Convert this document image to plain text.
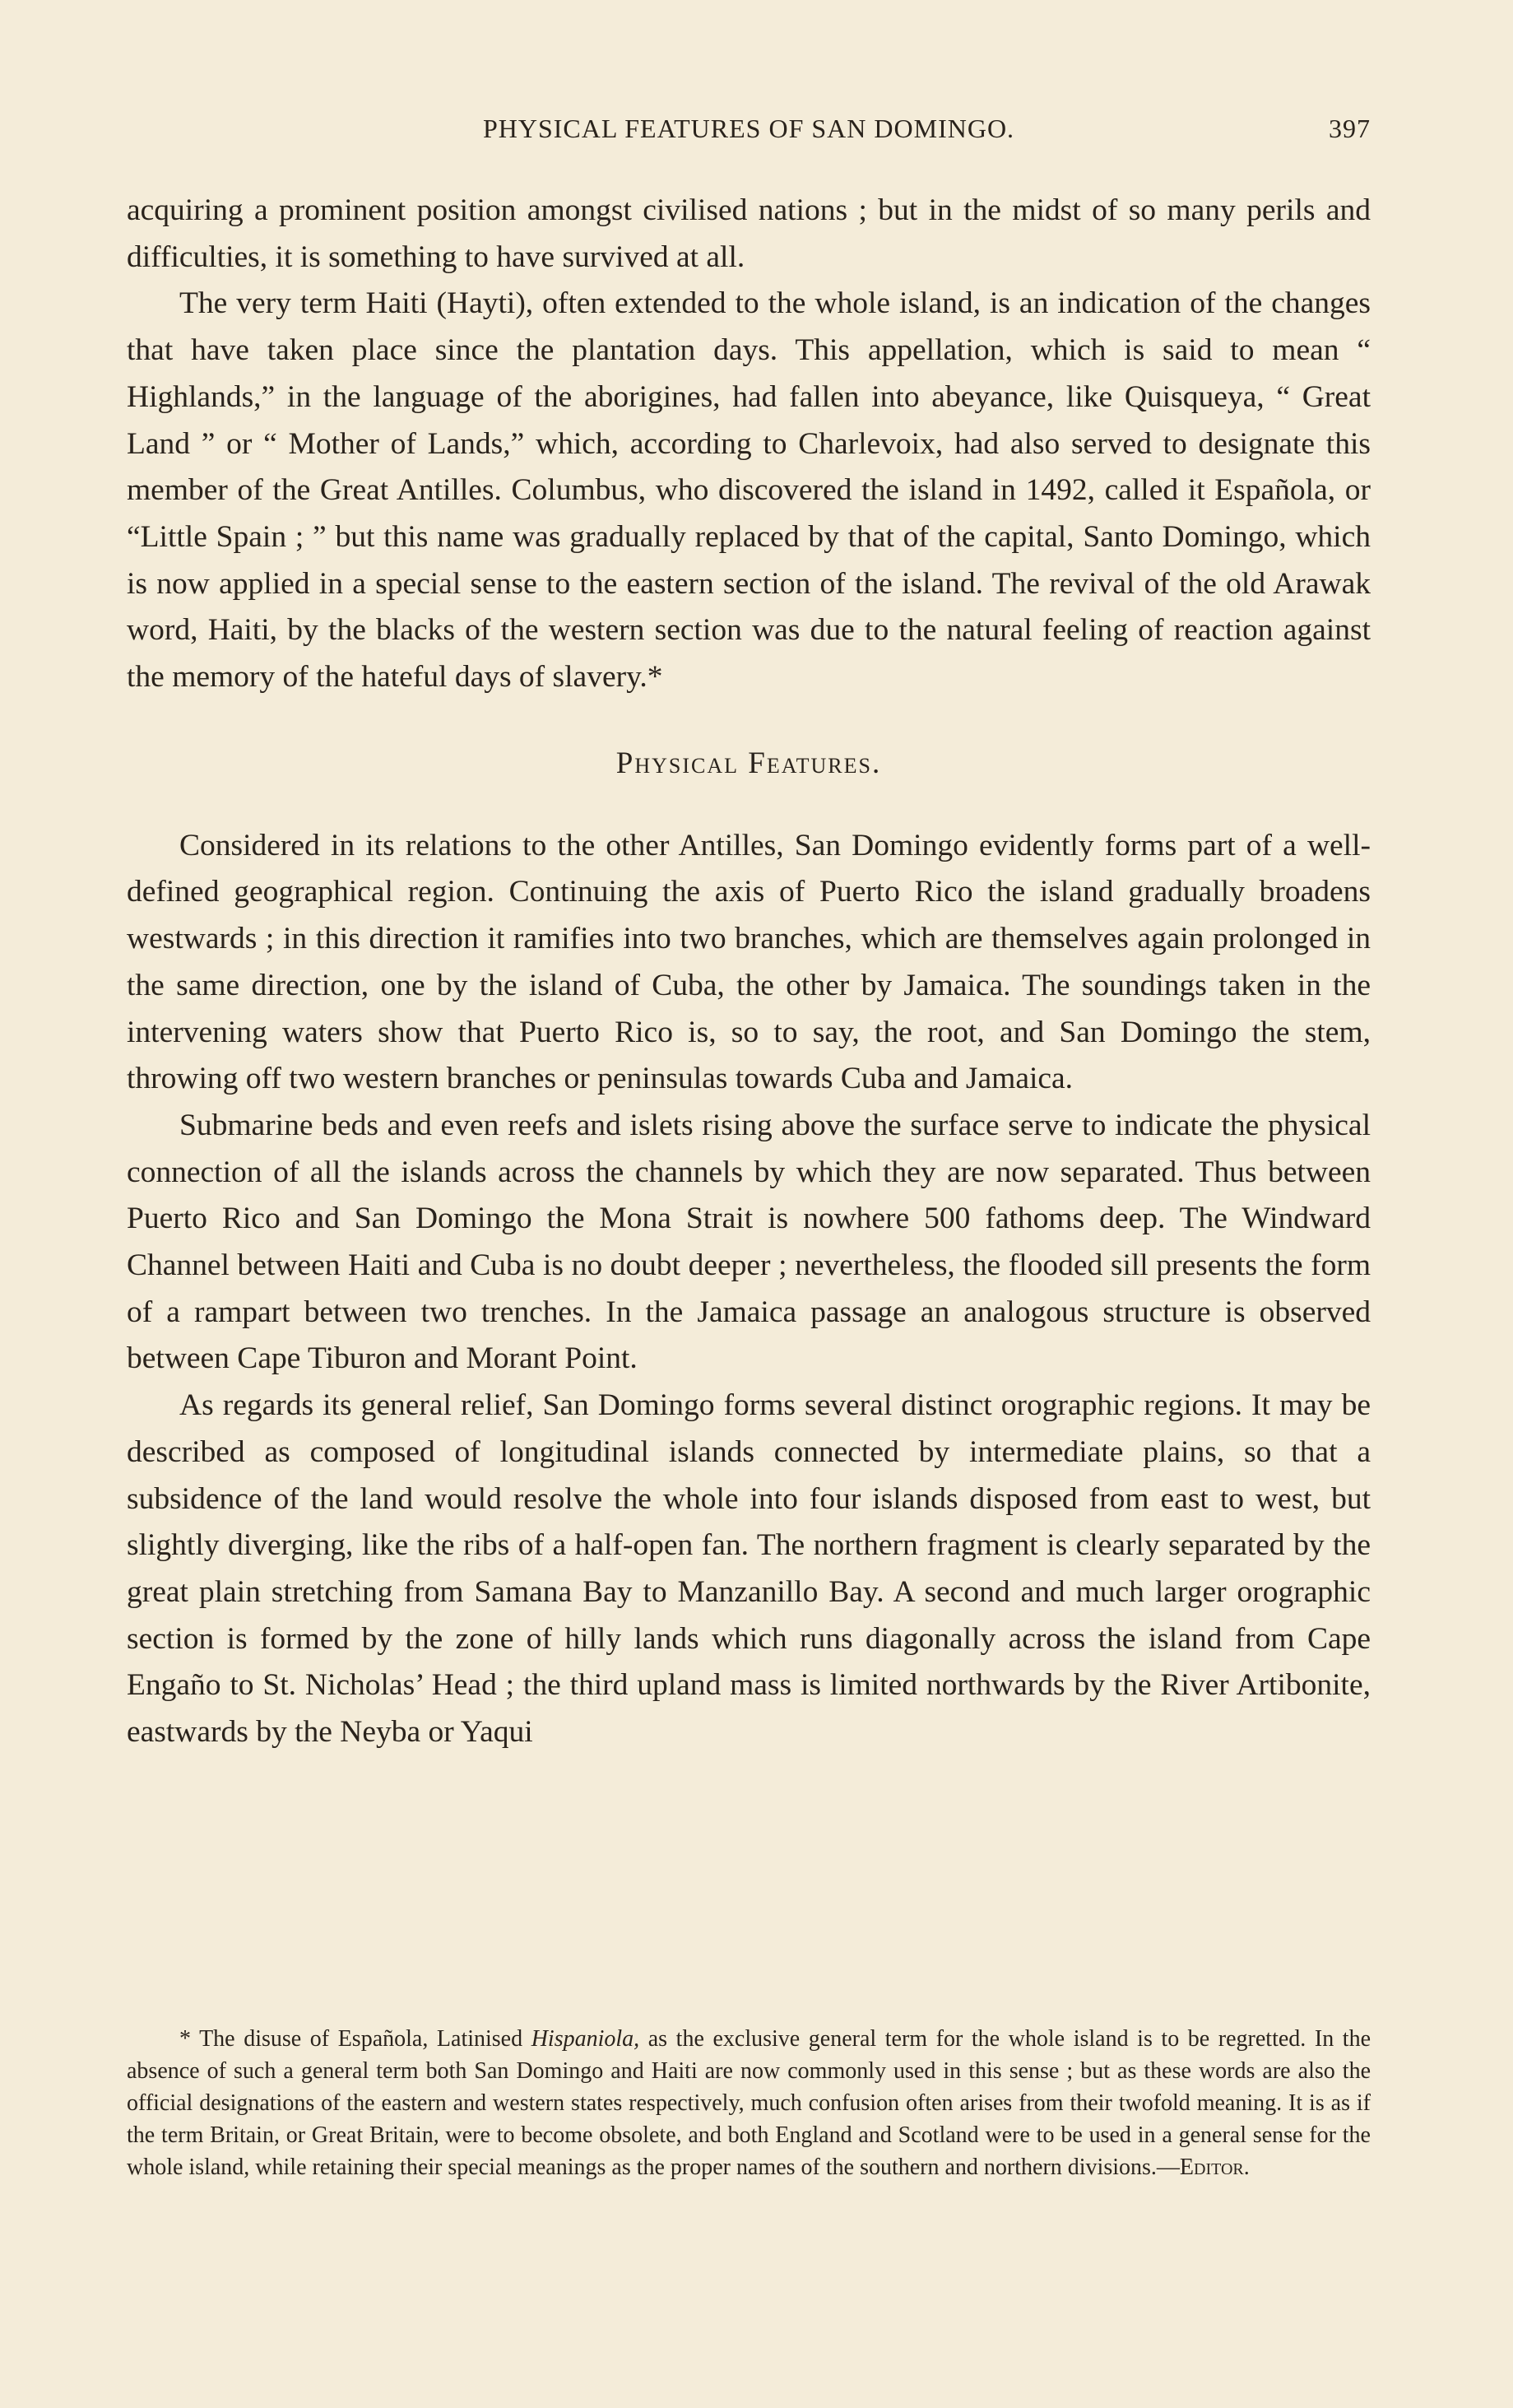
PHYSICAL FEATURES OF SAN DOMINGO.	397

acquiring a prominent position amongst civilised nations ; but in the midst of so many perils and difficulties, it is something to have survived at all.

The very term Haiti (Hayti), often extended to the whole island, is an indication of the changes that have taken place since the plantation days. This appellation, which is said to mean “ Highlands,” in the language of the aborigines, had fallen into abeyance, like Quisqueya, “ Great Land ” or “ Mother of Lands,” which, according to Charlevoix, had also served to designate this member of the Great Antilles. Columbus, who discovered the island in 1492, called it Española, or “Little Spain ; ” but this name was gradually replaced by that of the capital, Santo Domingo, which is now applied in a special sense to the eastern section of the island. The revival of the old Arawak word, Haiti, by the blacks of the western section was due to the natural feeling of reaction against the memory of the hateful days of slavery.*

Physical Features.

Considered in its relations to the other Antilles, San Domingo evidently forms part of a well-defined geographical region. Continuing the axis of Puerto Rico the island gradually broadens westwards ; in this direction it ramifies into two branches, which are themselves again prolonged in the same direction, one by the island of Cuba, the other by Jamaica. The soundings taken in the intervening waters show that Puerto Rico is, so to say, the root, and San Domingo the stem, throwing off two western branches or peninsulas towards Cuba and Jamaica.

Submarine beds and even reefs and islets rising above the surface serve to indicate the physical connection of all the islands across the channels by which they are now separated. Thus between Puerto Rico and San Domingo the Mona Strait is nowhere 500 fathoms deep. The Windward Channel between Haiti and Cuba is no doubt deeper ; nevertheless, the flooded sill presents the form of a rampart between two trenches. In the Jamaica passage an analogous structure is observed between Cape Tiburon and Morant Point.

As regards its general relief, San Domingo forms several distinct orographic regions. It may be described as composed of longitudinal islands connected by intermediate plains, so that a subsidence of the land would resolve the whole into four islands disposed from east to west, but slightly diverging, like the ribs of a half-open fan. The northern fragment is clearly separated by the great plain stretching from Samana Bay to Manzanillo Bay. A second and much larger orographic section is formed by the zone of hilly lands which runs diagonally across the island from Cape Engaño to St. Nicholas’ Head ; the third upland mass is limited northwards by the River Artibonite, eastwards by the Neyba or Yaqui

* The disuse of Española, Latinised Hispaniola, as the exclusive general term for the whole island is to be regretted. In the absence of such a general term both San Domingo and Haiti are now commonly used in this sense ; but as these words are also the official designations of the eastern and western states respectively, much confusion often arises from their twofold meaning. It is as if the term Britain, or Great Britain, were to become obsolete, and both England and Scotland were to be used in a general sense for the whole island, while retaining their special meanings as the proper names of the southern and northern divisions.—Editor.
